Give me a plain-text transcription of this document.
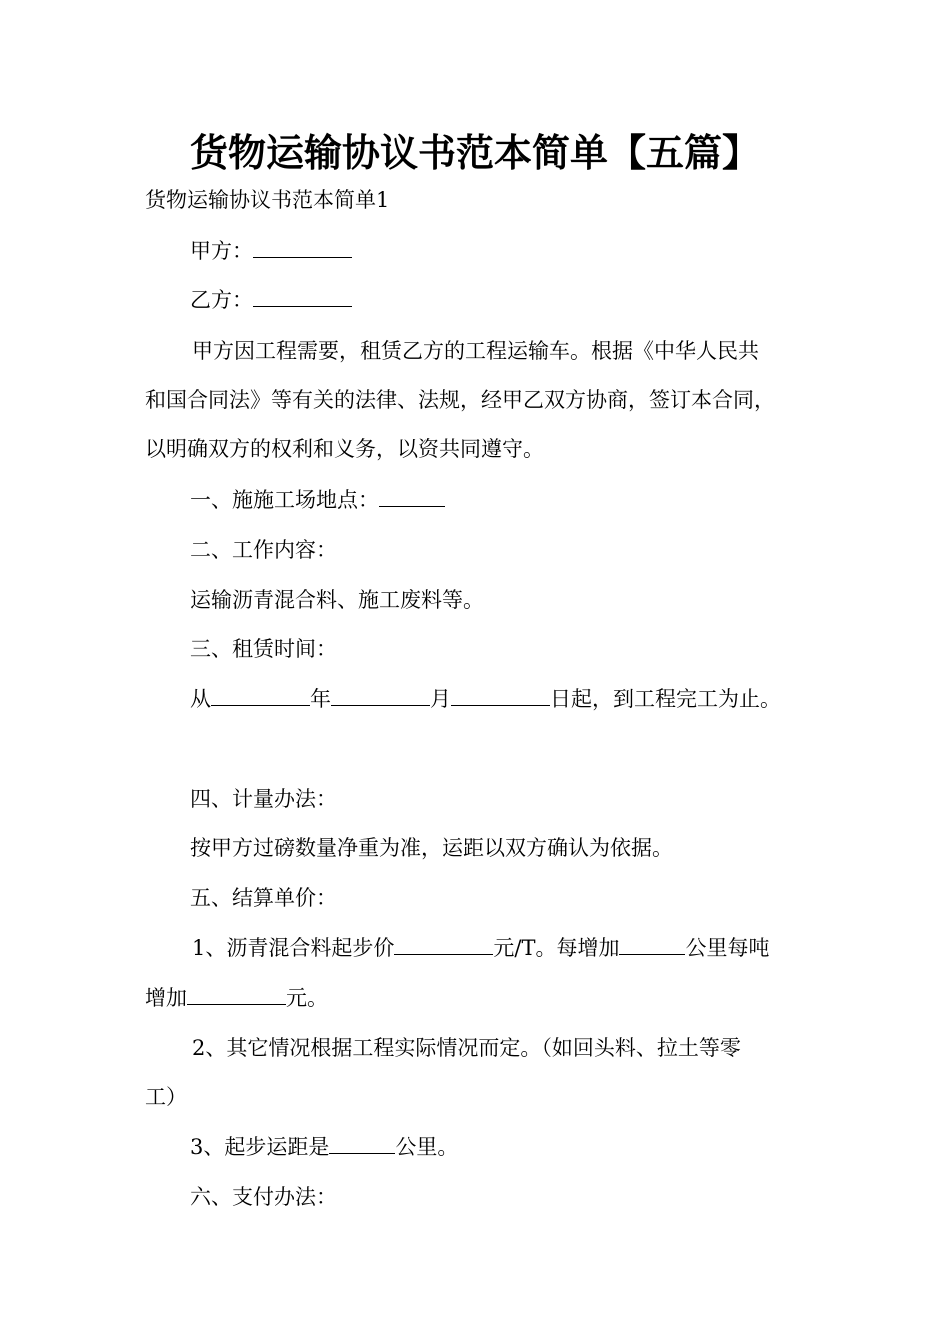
货物运输协议书范本简单【五篇】
货物运输协议书范本简单1
甲方：
乙方：
甲方因工程需要，租赁乙方的工程运输车。根据《中华人民共
和国合同法》等有关的法律、法规，经甲乙双方协商，签订本合同，
以明确双方的权利和义务，以资共同遵守。
一、施施工场地点：
二、工作内容：
运输沥青混合料、施工废料等。
三、租赁时间：
从	年	月	日起，到工程完工为止。
四、计量办法：
按甲方过磅数量净重为准，运距以双方确认为依据。
五、结算单价：
1、沥青混合料起步价	元/T。每增加	公里每吨
增加	元。
2、其它情况根据工程实际情况而定。（如回头料、拉土等零
工）
3、起步运距是	公里。
六、支付办法：
